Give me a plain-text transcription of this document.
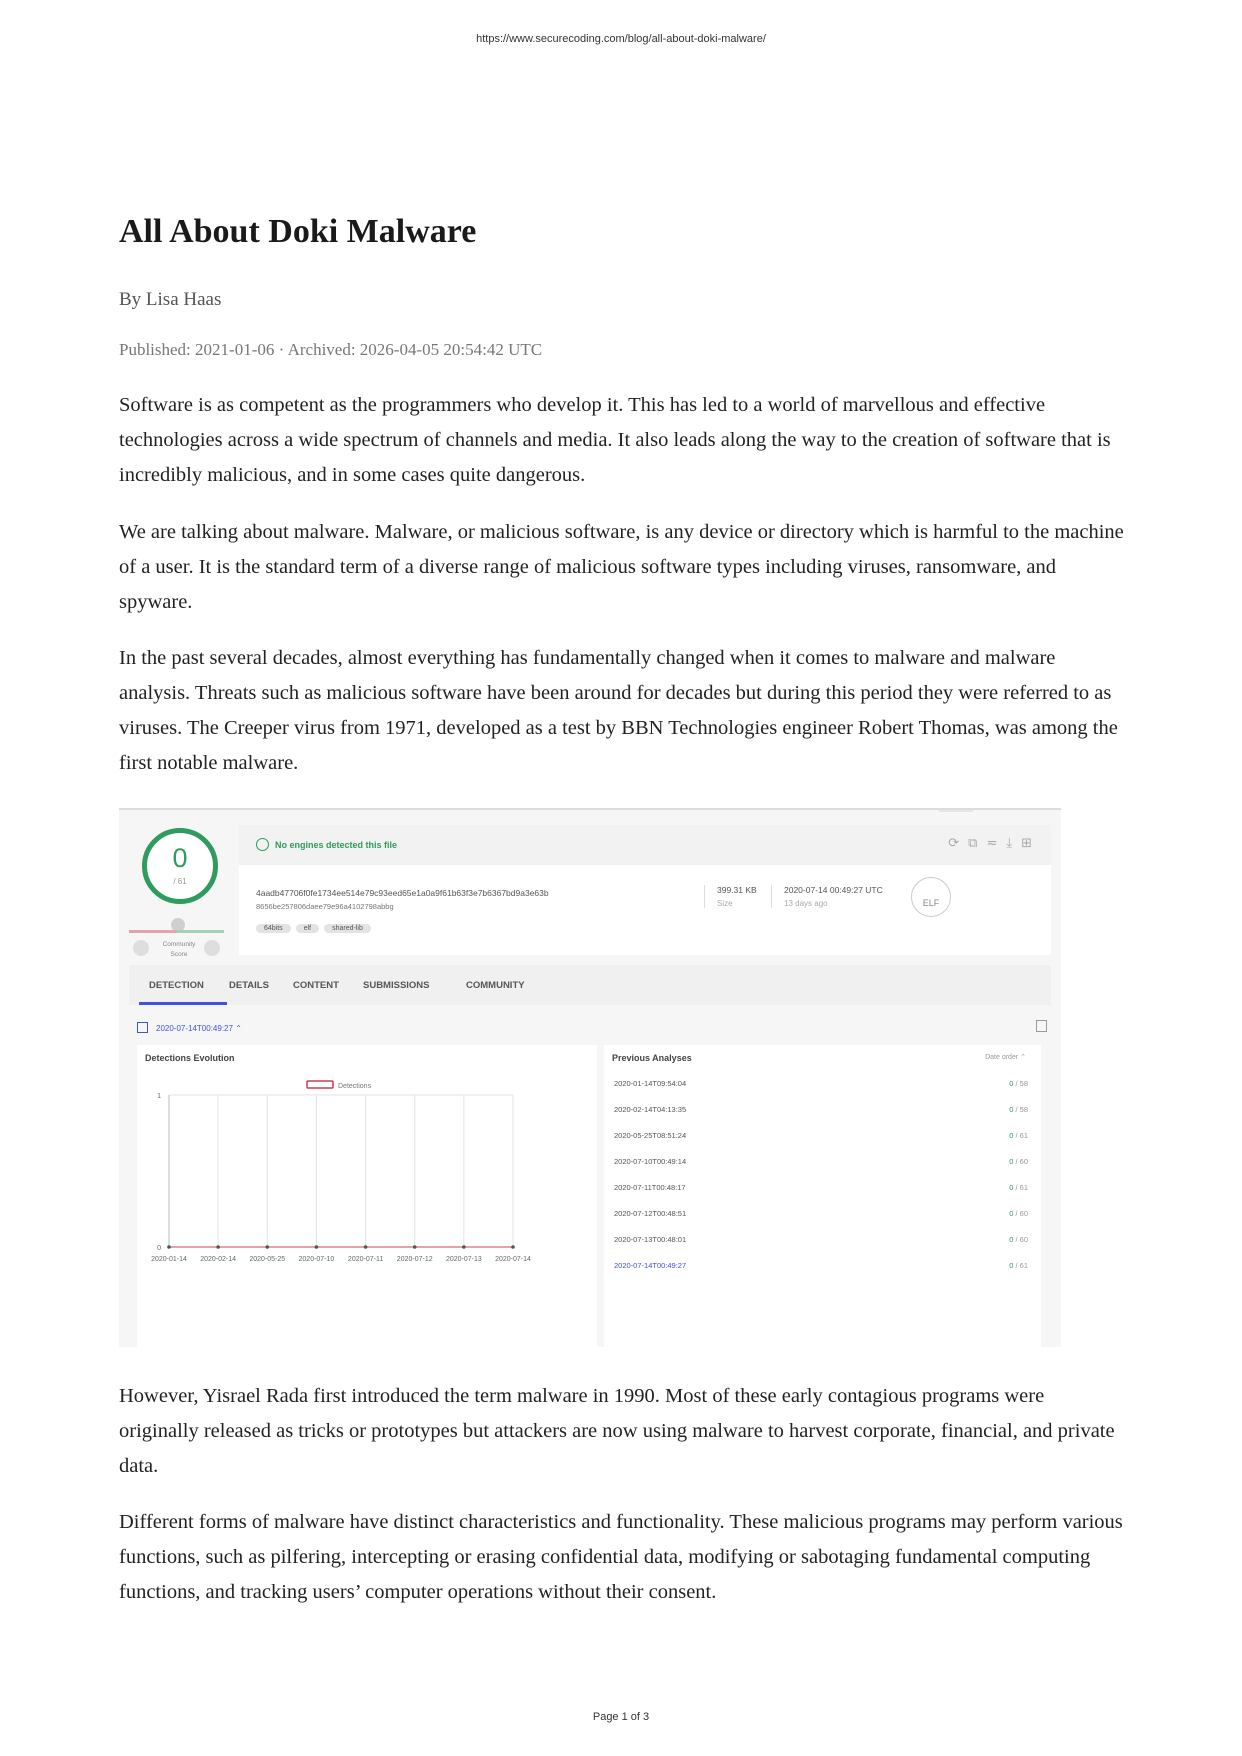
https://www.securecoding.com/blog/all-about-doki-malware/
All About Doki Malware
By Lisa Haas
Published: 2021-01-06 · Archived: 2026-04-05 20:54:42 UTC

Software is as competent as the programmers who develop it. This has led to a world of marvellous and effective technologies across a wide spectrum of channels and media. It also leads along the way to the creation of software that is incredibly malicious, and in some cases quite dangerous.

We are talking about malware. Malware, or malicious software, is any device or directory which is harmful to the machine of a user. It is the standard term of a diverse range of malicious software types including viruses, ransomware, and spyware.

In the past several decades, almost everything has fundamentally changed when it comes to malware and malware analysis. Threats such as malicious software have been around for decades but during this period they were referred to as viruses. The Creeper virus from 1971, developed as a test by BBN Technologies engineer Robert Thomas, was among the first notable malware.

0
/ 61
Community Score
No engines detected this file	⟳⧉≂⤓⊞
4aadb47706f0fe1734ee514e79c93eed65e1a0a9f61b63f3e7b6367bd9a3e63b
8656be257806daee79e96a4102798abbg
64bits	elf	shared-lib
399.31 KB
Size
2020-07-14 00:49:27 UTC
13 days ago	ELF
DETECTION	DETAILS	CONTENT	SUBMISSIONS	COMMUNITY
2020-07-14T00:49:27 ⌃
Detections Evolution
Detections
0
1
2020-01-14 2020-02-14 2020-05-25 2020-07-10 2020-07-11 2020-07-12 2020-07-13 2020-07-14
Previous Analyses	Date order ⌃
2020-01-14T09:54:04	0 / 58
2020-02-14T04:13:35	0 / 58
2020-05-25T08:51:24	0 / 61
2020-07-10T00:49:14	0 / 60
2020-07-11T00:48:17	0 / 61
2020-07-12T00:48:51	0 / 60
2020-07-13T00:48:01	0 / 60
2020-07-14T00:49:27	0 / 61

However, Yisrael Rada first introduced the term malware in 1990. Most of these early contagious programs were originally released as tricks or prototypes but attackers are now using malware to harvest corporate, financial, and private data.

Different forms of malware have distinct characteristics and functionality. These malicious programs may perform various functions, such as pilfering, intercepting or erasing confidential data, modifying or sabotaging fundamental computing functions, and tracking users’ computer operations without their consent.

Page 1 of 3
